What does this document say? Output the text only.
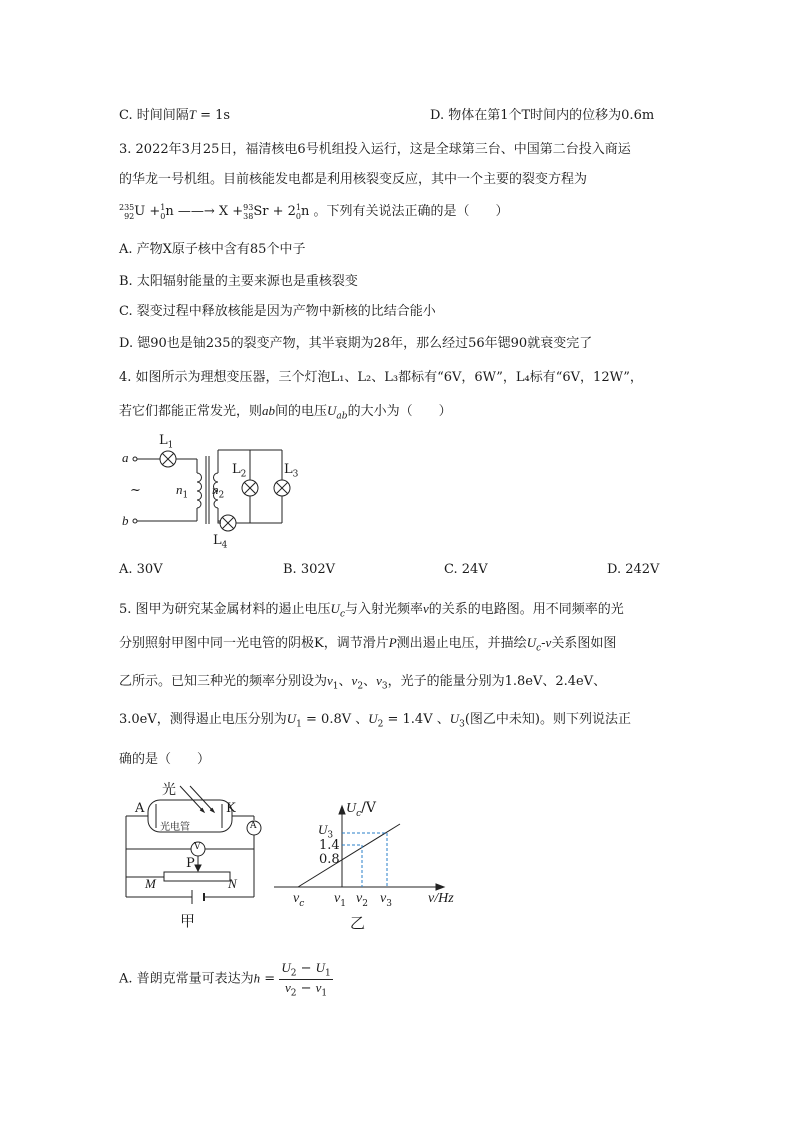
C. 时间间隔T = 1s	D. 物体在第1个T时间内的位移为0.6m
3. 2022年3月25日，福清核电6号机组投入运行，这是全球第三台、中国第二台投入商运
的华龙一号机组。目前核能发电都是利用核裂变反应，其中一个主要的裂变方程为
235
92U +1
0n ——→ X +93
38Sr + 21
0n 。下列有关说法正确的是（　　）
A. 产物X原子核中含有85个中子
B. 太阳辐射能量的主要来源也是重核裂变
C. 裂变过程中释放核能是因为产物中新核的比结合能小
D. 锶90也是铀235的裂变产物，其半衰期为28年，那么经过56年锶90就衰变完了
4. 如图所示为理想变压器，三个灯泡L₁、L₂、L₃都标有“6V，6W”，L₄标有“6V，12W”，
若它们都能正常发光，则ab间的电压$U_{ab}$的大小为（　　）
a
b
~
$L_1$
$L_2$	$L_3$
$L_4$
$n_1$ $n_2$
A. 30V	B. 302V	C. 24V	D. 242V
5. 图甲为研究某金属材料的遏止电压$U_c$与入射光频率ν的关系的电路图。用不同频率的光
分别照射甲图中同一光电管的阴极K，调节滑片P测出遏止电压，并描绘$U_c-\nu$关系图如图
乙所示。已知三种光的频率分别设为$\nu_1$、$\nu_2$、$\nu_3$，光子的能量分别为1.8eV、2.4eV、
3.0eV，测得遏止电压分别为$U_1 = 0.8V$ 、$U_2 = 1.4V$ 、$U_3$(图乙中未知)。则下列说法正
确的是（　　）
光
A	K
光电管	A
V
P
M	N
甲
$U_c/V$
$U_3$
1.4
0.8
$\nu_c$ $\nu_1$ $\nu_2$ $\nu_3$	ν/Hz
乙
A. 普朗克常量可表达为$h = \frac{U_2 - U_1}{\nu_2 - \nu_1}$
